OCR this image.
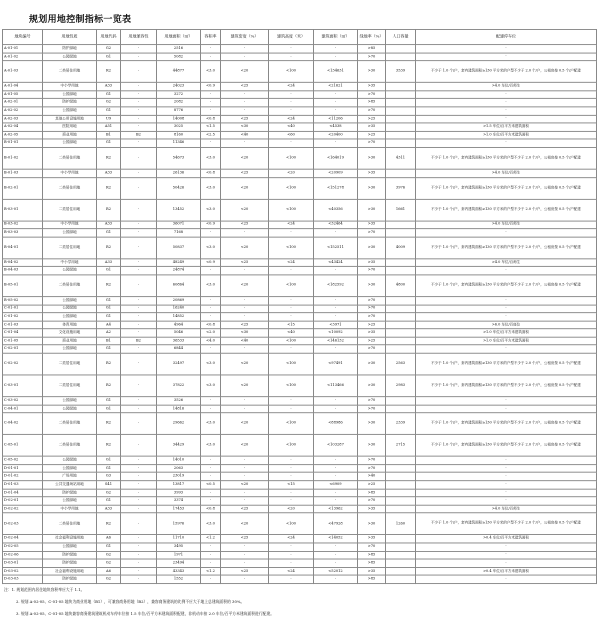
规划用地控制指标一览表
地块编号	用地性质	用地代码	用地兼容性	用地面积（㎡）	容积率	建筑密度（%）	建筑高度（米）	建筑面积（㎡）	绿地率（%）	人口容量	配建停车位
A-01-01	防护绿地	G2	-	2516	-	-	-	-	>85		-
A-01-02	公园绿地	G1	-	5082	-	-	-	-	>70		-
A-01-03	二类居住用地	R2	-	44877	<3.0	<20	<100	<134631	>30	3539	不少于 1.0 个/户，套内建筑面积≥130 平方米的户型不少于 2.0 个/户，公租房按 0.5 个/户配建
A-01-04	中小学用地	A33	-	24023	<0.9	<25	<24	<21621	>35		>4.0 车位/百师生
A-01-05	公园绿地	G1	-	3272	-	-	-	-	>70		-
A-02-01	防护绿地	G2	-	2082	-	-	-	-	>85		-
A-02-02	公园绿地	G1	-	8776	-	-	-	-	>70		-
A-02-03	其他公用设施用地	U9	-	14008	<0.8	<25	<24	<11206	>25		-
A-02-04	医院用地	A51	-	3025	<1.5	<30	<40	<4538	>35		>1.5 车位/百平方米建筑面积
A-02-05	商业用地	B1	B2	8160	<2.5	<40	<60	<20400	>25		>1.0 车位/百平方米建筑面积
B-01-01	公园绿地	G1	-	11346	-	-	-	-	>70		-
B-01-02	二类居住用地	R2	-	54673	<3.0	<20	<100	<164019	>30	4311	不少于 1.0 个/户，套内建筑面积≥130 平方米的户型不少于 2.0 个/户，公租房按 0.5 个/户配建
B-01-03	中小学用地	A33	-	26136	<0.8	<25	<20	<20909	>35		>4.0 车位/百师生
B-02-01	二类居住用地	R2	-	50426	<3.0	<20	<100	<151278	>30	3976	不少于 1.0 个/户，套内建筑面积≥130 平方米的户型不少于 2.0 个/户，公租房按 0.5 个/户配建
B-03-01	二类居住用地	R2	-	13452	<3.0	<20	<100	<40356	>30	1661	不少于 1.0 个/户，套内建筑面积≥130 平方米的户型不少于 2.0 个/户，公租房按 0.5 个/户配建
B-03-02	中小学用地	A33	-	36071	<0.9	<25	<24	<32464	>35		>4.0 车位/百师生
B-03-03	公园绿地	G1	-	7168	-	-	-	-	>70		-
B-04-01	二类居住用地	R2	-	50837	<3.0	<20	<100	<152511	>30	4009	不少于 1.0 个/户，套内建筑面积≥130 平方米的户型不少于 2.0 个/户，公租房按 0.5 个/户配建
B-04-02	中小学用地	A33	-	48249	<0.9	<25	<24	<43424	>35		>4.0 车位/百师生
B-04-03	公园绿地	G1	-	24874	-	-	-	-	>70		-
B-05-01	二类居住用地	R2	-	60864	<3.0	<20	<100	<182592	>30	4800	不少于 1.0 个/户，套内建筑面积≥130 平方米的户型不少于 2.0 个/户，公租房按 0.5 个/户配建
B-05-02	公园绿地	G1	-	20869	-	-	-	-	>70		-
C-01-01	公园绿地	G1	-	16240	-	-	-	-	>70		-
C-01-02	公园绿地	G1	-	14852	-	-	-	-	>70		-
C-01-03	体育用地	A4	-	4964	<0.8	<25	<15	<3971	>25		>6.0 车位/百座位
C-01-04	文化设施用地	A2	-	5046	<2.0	<30	<40	<10092	>35		>1.0 车位/百平方米建筑面积
C-01-05	商业用地	B1	B2	36533	<4.0	<40	<100	<146132	>25		>1.0 车位/百平方米建筑面积
C-02-01	公园绿地	G1	-	6844	-	-	-	-	>70		-
C-02-02	二类居住用地	R2	-	32497	<3.0	<20	<100	<97491	>30	2563	不少于 1.0 个/户，套内建筑面积≥130 平方米的户型不少于 2.0 个/户，公租房按 0.5 个/户配建
C-03-01	二类居住用地	R2	-	37822	<3.0	<20	<100	<113466	>30	2983	不少于 1.0 个/户，套内建筑面积≥130 平方米的户型不少于 2.0 个/户，公租房按 0.5 个/户配建
C-03-02	公园绿地	G1	-	3526	-	-	-	-	>70		-
C-04-01	公园绿地	G1	-	14816	-	-	-	-	>70		-
C-04-02	二类居住用地	R2	-	29662	<3.0	<20	<100	<88986	>30	2339	不少于 1.0 个/户，套内建筑面积≥130 平方米的户型不少于 2.0 个/户，公租房按 0.5 个/户配建
C-05-01	二类居住用地	R2	-	34429	<3.0	<20	<100	<103287	>30	2715	不少于 1.0 个/户，套内建筑面积≥130 平方米的户型不少于 2.0 个/户，公租房按 0.5 个/户配建
C-05-02	公园绿地	G1	-	14010	-	-	-	-	>70		-
D-01-01	公园绿地	G1	-	2063	-	-	-	-	>70		-
D-01-02	广场用地	G3	-	23019	-	-	-	-	>40		-
D-01-03	公共交通场站用地	S41	-	13817	<0.5	<20	<15	<6909	>25		-
D-01-04	防护绿地	G2	-	3993	-	-	-	-	>85		-
D-02-01	公园绿地	G1	-	3374	-	-	-	-	>70		-
D-02-02	中小学用地	A33	-	17453	<0.8	<25	<20	<13962	>35		>4.0 车位/百师生
D-02-03	二类居住用地	R2	-	15976	<3.0	<20	<100	<47928	>30	1260	不少于 1.0 个/户，套内建筑面积≥130 平方米的户型不少于 2.0 个/户，公租房按 0.5 个/户配建
D-02-04	社会福利设施用地	A6	-	11710	<1.2	<25	<24	<14052	>35		>0.4 车位/百平方米建筑面积
D-02-05	公园绿地	G1	-	3495	-	-	-	-	>70		-
D-02-06	防护绿地	G2	-	1971	-	-	-	-	>85		-
D-03-01	防护绿地	G2	-	23494	-	-	-	-	>85		-
D-03-02	社会福利设施用地	A6	-	43343	<1.2	<25	<24	<52012	>35		>0.4 车位/百平方米建筑面积
D-03-03	防护绿地	G2	-	1552	-	-	-	-	>85		-
注：1. 规划范围内居住地块容积率应大于 1.1。
2. 规划 A-02-05、C-01-05 地块为商业用地（B1），可兼容商务用地（B2），兼容商务建筑的比例不应大于地上总建筑面积的 30%。
3. 规划 A-02-05、C-01-05 地块兼容商务建筑建筑机动车停车位按 1.5 车位/百平方米建筑面积配建，非机动车按 2.0 车位/百平方米建筑面积进行配建。
